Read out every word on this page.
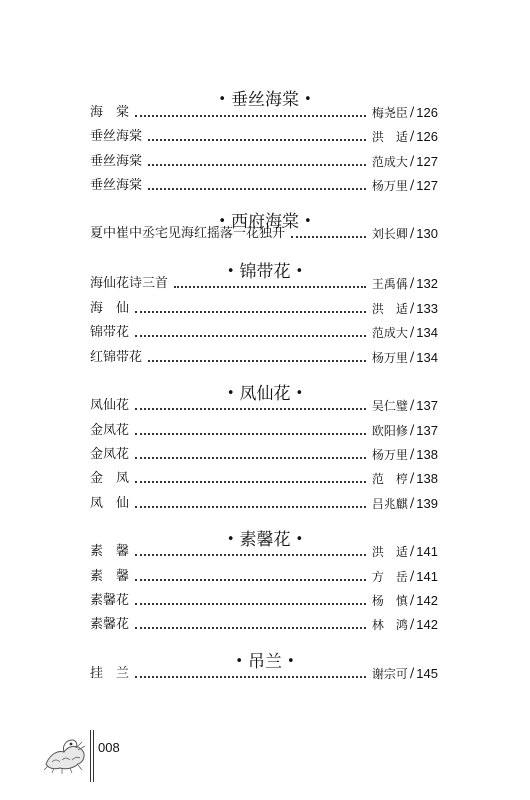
• 垂丝海棠 •
海　棠	梅尧臣 / 126
垂丝海棠	洪　适 / 126
垂丝海棠	范成大 / 127
垂丝海棠	杨万里 / 127
• 西府海棠 •
夏中崔中丞宅见海红摇落一花独开	刘长卿 / 130
• 锦带花 •
海仙花诗三首	王禹偁 / 132
海　仙	洪　适 / 133
锦带花	范成大 / 134
红锦带花	杨万里 / 134
• 凤仙花 •
凤仙花	吴仁璧 / 137
金凤花	欧阳修 / 137
金凤花	杨万里 / 138
金　凤	范　梈 / 138
凤　仙	吕兆麒 / 139
• 素馨花 •
素　馨	洪　适 / 141
素　馨	方　岳 / 141
素馨花	杨　慎 / 142
素馨花	林　鸿 / 142
• 吊兰 •
挂　兰	谢宗可 / 145
008
